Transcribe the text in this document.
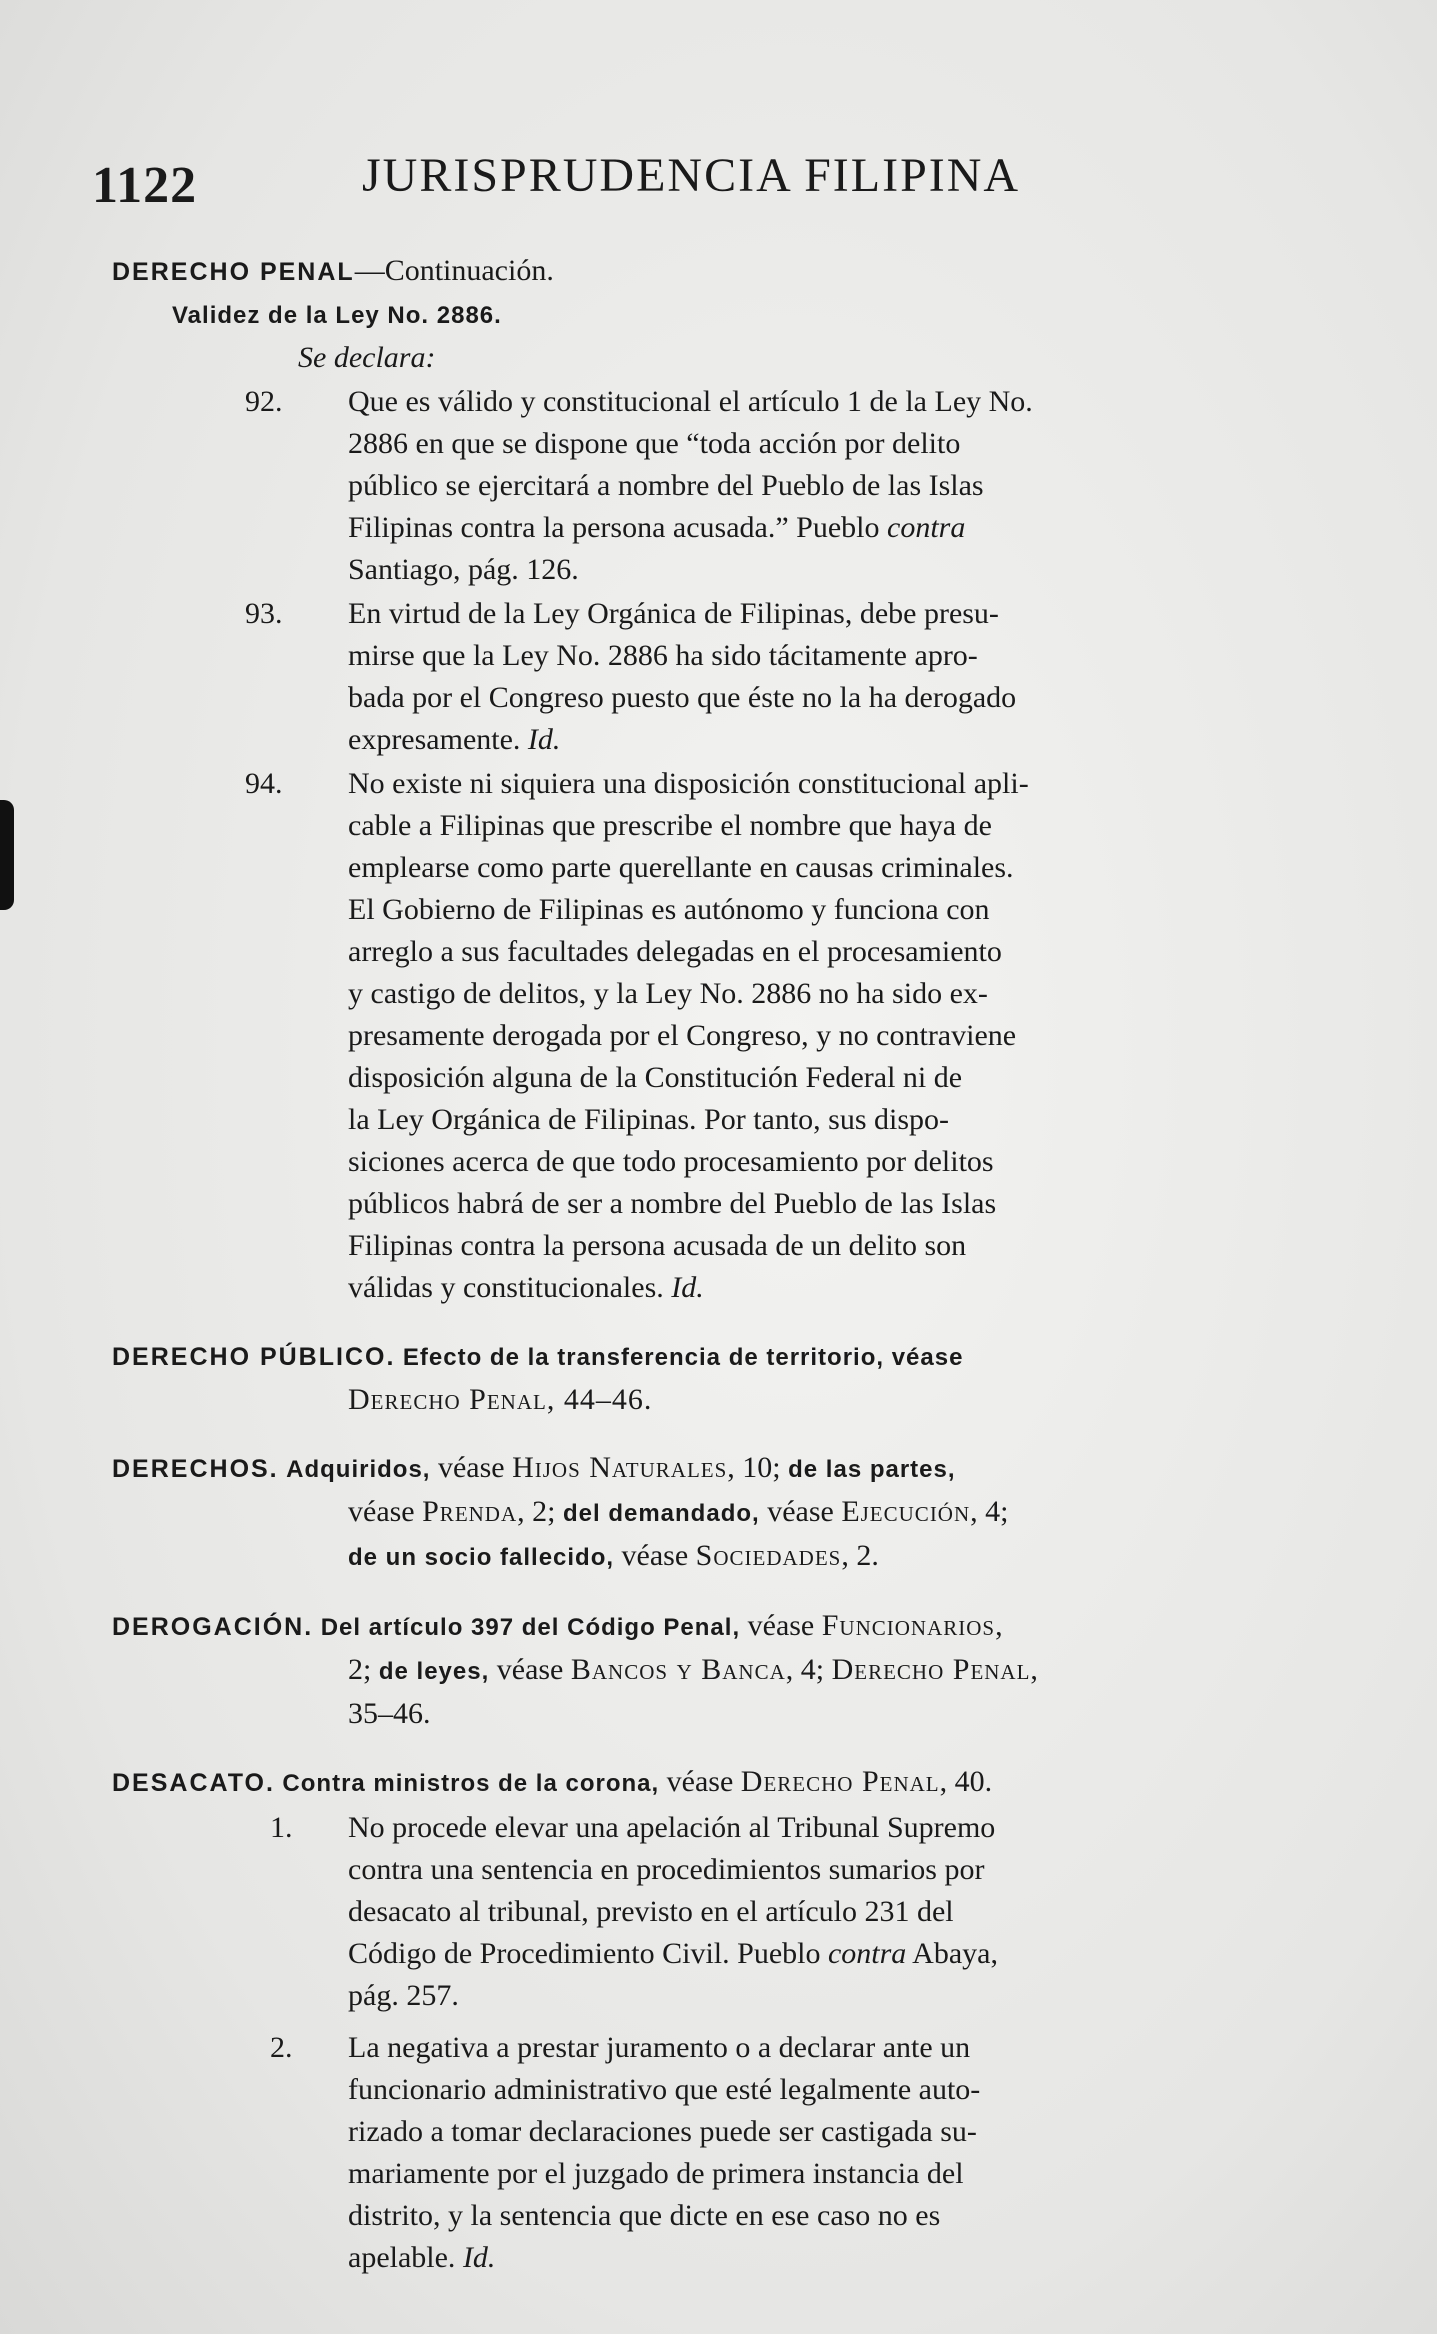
1122	JURISPRUDENCIA FILIPINA
DERECHO PENAL—Continuación.
Validez de la Ley No. 2886.
Se declara:
92. Que es válido y constitucional el artículo 1 de la Ley No.
2886 en que se dispone que “toda acción por delito
público se ejercitará a nombre del Pueblo de las Islas
Filipinas contra la persona acusada.” Pueblo contra
Santiago, pág. 126.
93. En virtud de la Ley Orgánica de Filipinas, debe presu-
mirse que la Ley No. 2886 ha sido tácitamente apro-
bada por el Congreso puesto que éste no la ha derogado
expresamente. Id.
94. No existe ni siquiera una disposición constitucional apli-
cable a Filipinas que prescribe el nombre que haya de
emplearse como parte querellante en causas criminales.
El Gobierno de Filipinas es autónomo y funciona con
arreglo a sus facultades delegadas en el procesamiento
y castigo de delitos, y la Ley No. 2886 no ha sido ex-
presamente derogada por el Congreso, y no contraviene
disposición alguna de la Constitución Federal ni de
la Ley Orgánica de Filipinas. Por tanto, sus dispo-
siciones acerca de que todo procesamiento por delitos
públicos habrá de ser a nombre del Pueblo de las Islas
Filipinas contra la persona acusada de un delito son
válidas y constitucionales. Id.
DERECHO PÚBLICO. Efecto de la transferencia de territorio, véase
Derecho Penal, 44–46.
DERECHOS. Adquiridos, véase Hijos Naturales, 10; de las partes,
véase Prenda, 2; del demandado, véase Ejecución, 4;
de un socio fallecido, véase Sociedades, 2.
DEROGACIÓN. Del artículo 397 del Código Penal, véase Funcionarios,
2; de leyes, véase Bancos y Banca, 4; Derecho Penal,
35–46.
DESACATO. Contra ministros de la corona, véase Derecho Penal, 40.
1. No procede elevar una apelación al Tribunal Supremo
contra una sentencia en procedimientos sumarios por
desacato al tribunal, previsto en el artículo 231 del
Código de Procedimiento Civil. Pueblo contra Abaya,
pág. 257.
2. La negativa a prestar juramento o a declarar ante un
funcionario administrativo que esté legalmente auto-
rizado a tomar declaraciones puede ser castigada su-
mariamente por el juzgado de primera instancia del
distrito, y la sentencia que dicte en ese caso no es
apelable. Id.
